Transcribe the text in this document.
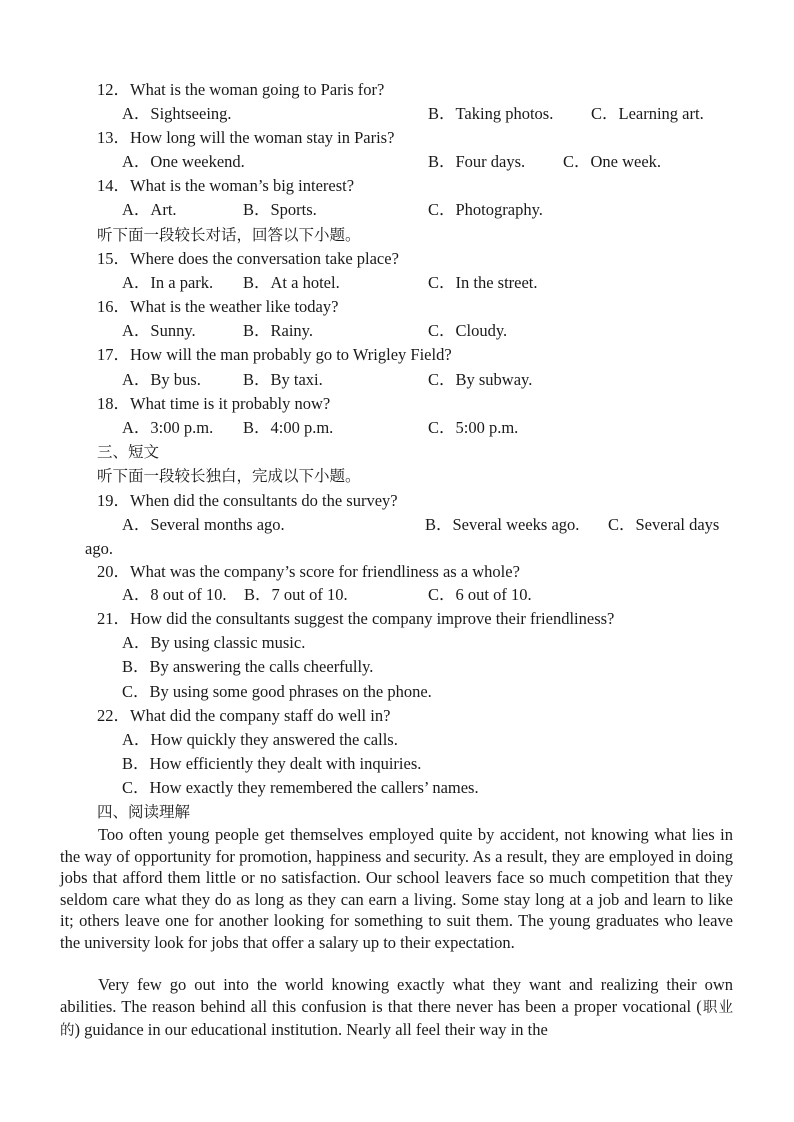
12．What is the woman going to Paris for?
A．Sightseeing.	B．Taking photos. C．Learning art.
13．How long will the woman stay in Paris?
A．One weekend.	B．Four days. C．One week.
14．What is the woman’s big interest?
A．Art.	B．Sports.	C．Photography.
听下面一段较长对话，回答以下小题。
15．Where does the conversation take place?
A．In a park. B．At a hotel.	C．In the street.
16．What is the weather like today?
A．Sunny.	B．Rainy.	C．Cloudy.
17．How will the man probably go to Wrigley Field?
A．By bus.	B．By taxi.	C．By subway.
18．What time is it probably now?
A．3:00 p.m. B．4:00 p.m.	C．5:00 p.m.
三、短文
听下面一段较长独白，完成以下小题。
19．When did the consultants do the survey?
A．Several months ago.	B．Several weeks ago. C．Several days
ago.
20．What was the company’s score for friendliness as a whole?
A．8 out of 10. B．7 out of 10.	C．6 out of 10.
21．How did the consultants suggest the company improve their friendliness?
A．By using classic music.
B．By answering the calls cheerfully.
C．By using some good phrases on the phone.
22．What did the company staff do well in?
A．How quickly they answered the calls.
B．How efficiently they dealt with inquiries.
C．How exactly they remembered the callers’ names.
四、阅读理解
Too often young people get themselves employed quite by accident, not knowing what lies in the way of opportunity for promotion, happiness and security. As a result, they are employed in doing jobs that afford them little or no satisfaction. Our school leavers face so much competition that they seldom care what they do as long as they can earn a living. Some stay long at a job and learn to like it; others leave one for another looking for something to suit them. The young graduates who leave the university look for jobs that offer a salary up to their expectation.
Very few go out into the world knowing exactly what they want and realizing their own abilities. The reason behind all this confusion is that there never has been a proper vocational (职业的) guidance in our educational institution. Nearly all feel their way in the
